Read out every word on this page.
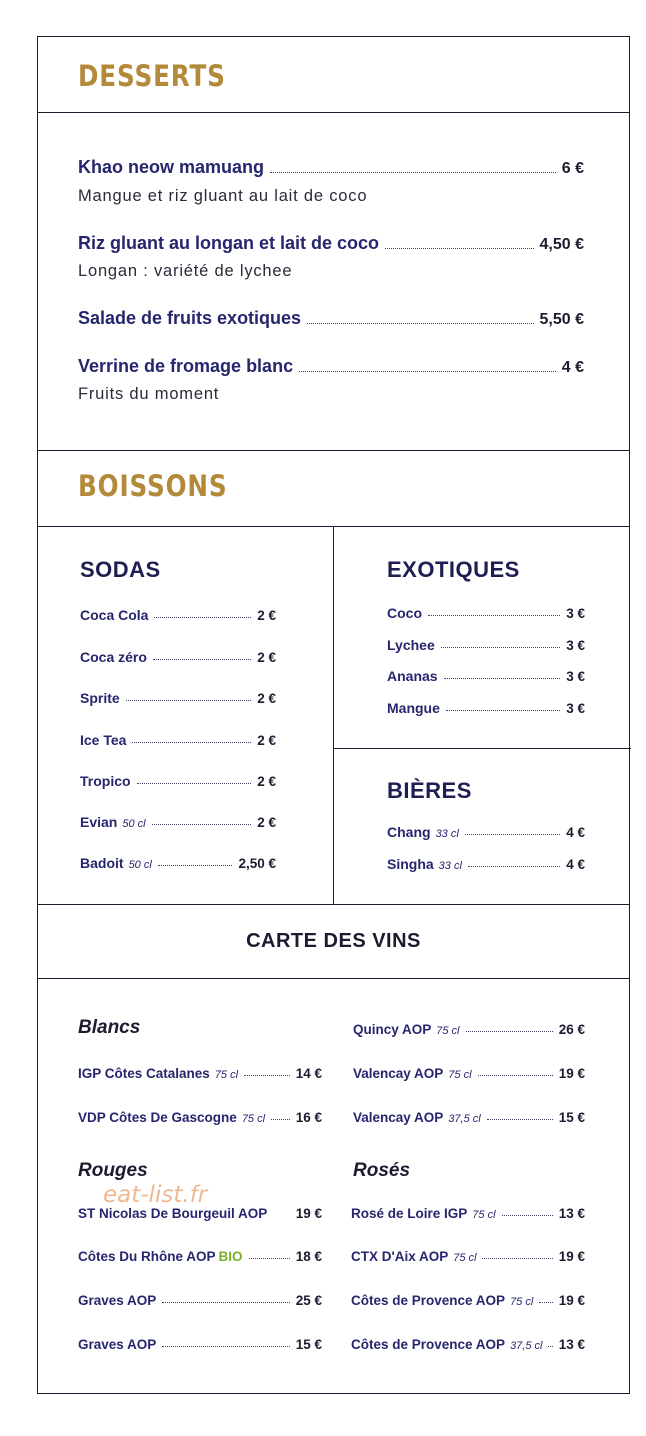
DESSERTS
Khao neow mamuang	6 €
Mangue et riz gluant au lait de coco
Riz gluant au longan et lait de coco	4,50 €
Longan : variété de lychee
Salade de fruits exotiques	5,50 €
Verrine de fromage blanc	4 €
Fruits du moment
BOISSONS
SODAS
Coca Cola	2 €
Coca zéro	2 €
Sprite	2 €
Ice Tea	2 €
Tropico	2 €
Evian 50 cl	2 €
Badoit 50 cl	2,50 €
EXOTIQUES
Coco	3 €
Lychee	3 €
Ananas	3 €
Mangue	3 €
BIÈRES
Chang 33 cl	4 €
Singha 33 cl	4 €
CARTE DES VINS
Blancs
IGP Côtes Catalanes 75 cl	14 €
VDP Côtes De Gascogne 75 cl 16 €
Quincy AOP 75 cl	26 €
Valencay AOP 75 cl	19 €
Valencay AOP 37,5 cl	15 €
Rouges	Rosés
ST Nicolas De Bourgeuil AOP 19 €
Côtes Du Rhône AOP BIO	18 €
Graves AOP	25 €
Graves AOP	15 €
Rosé de Loire IGP 75 cl	13 €
CTX D'Aix AOP 75 cl	19 €
Côtes de Provence AOP 75 cl 19 €
Côtes de Provence AOP 37,5 cl 13 €
eat-list.fr
